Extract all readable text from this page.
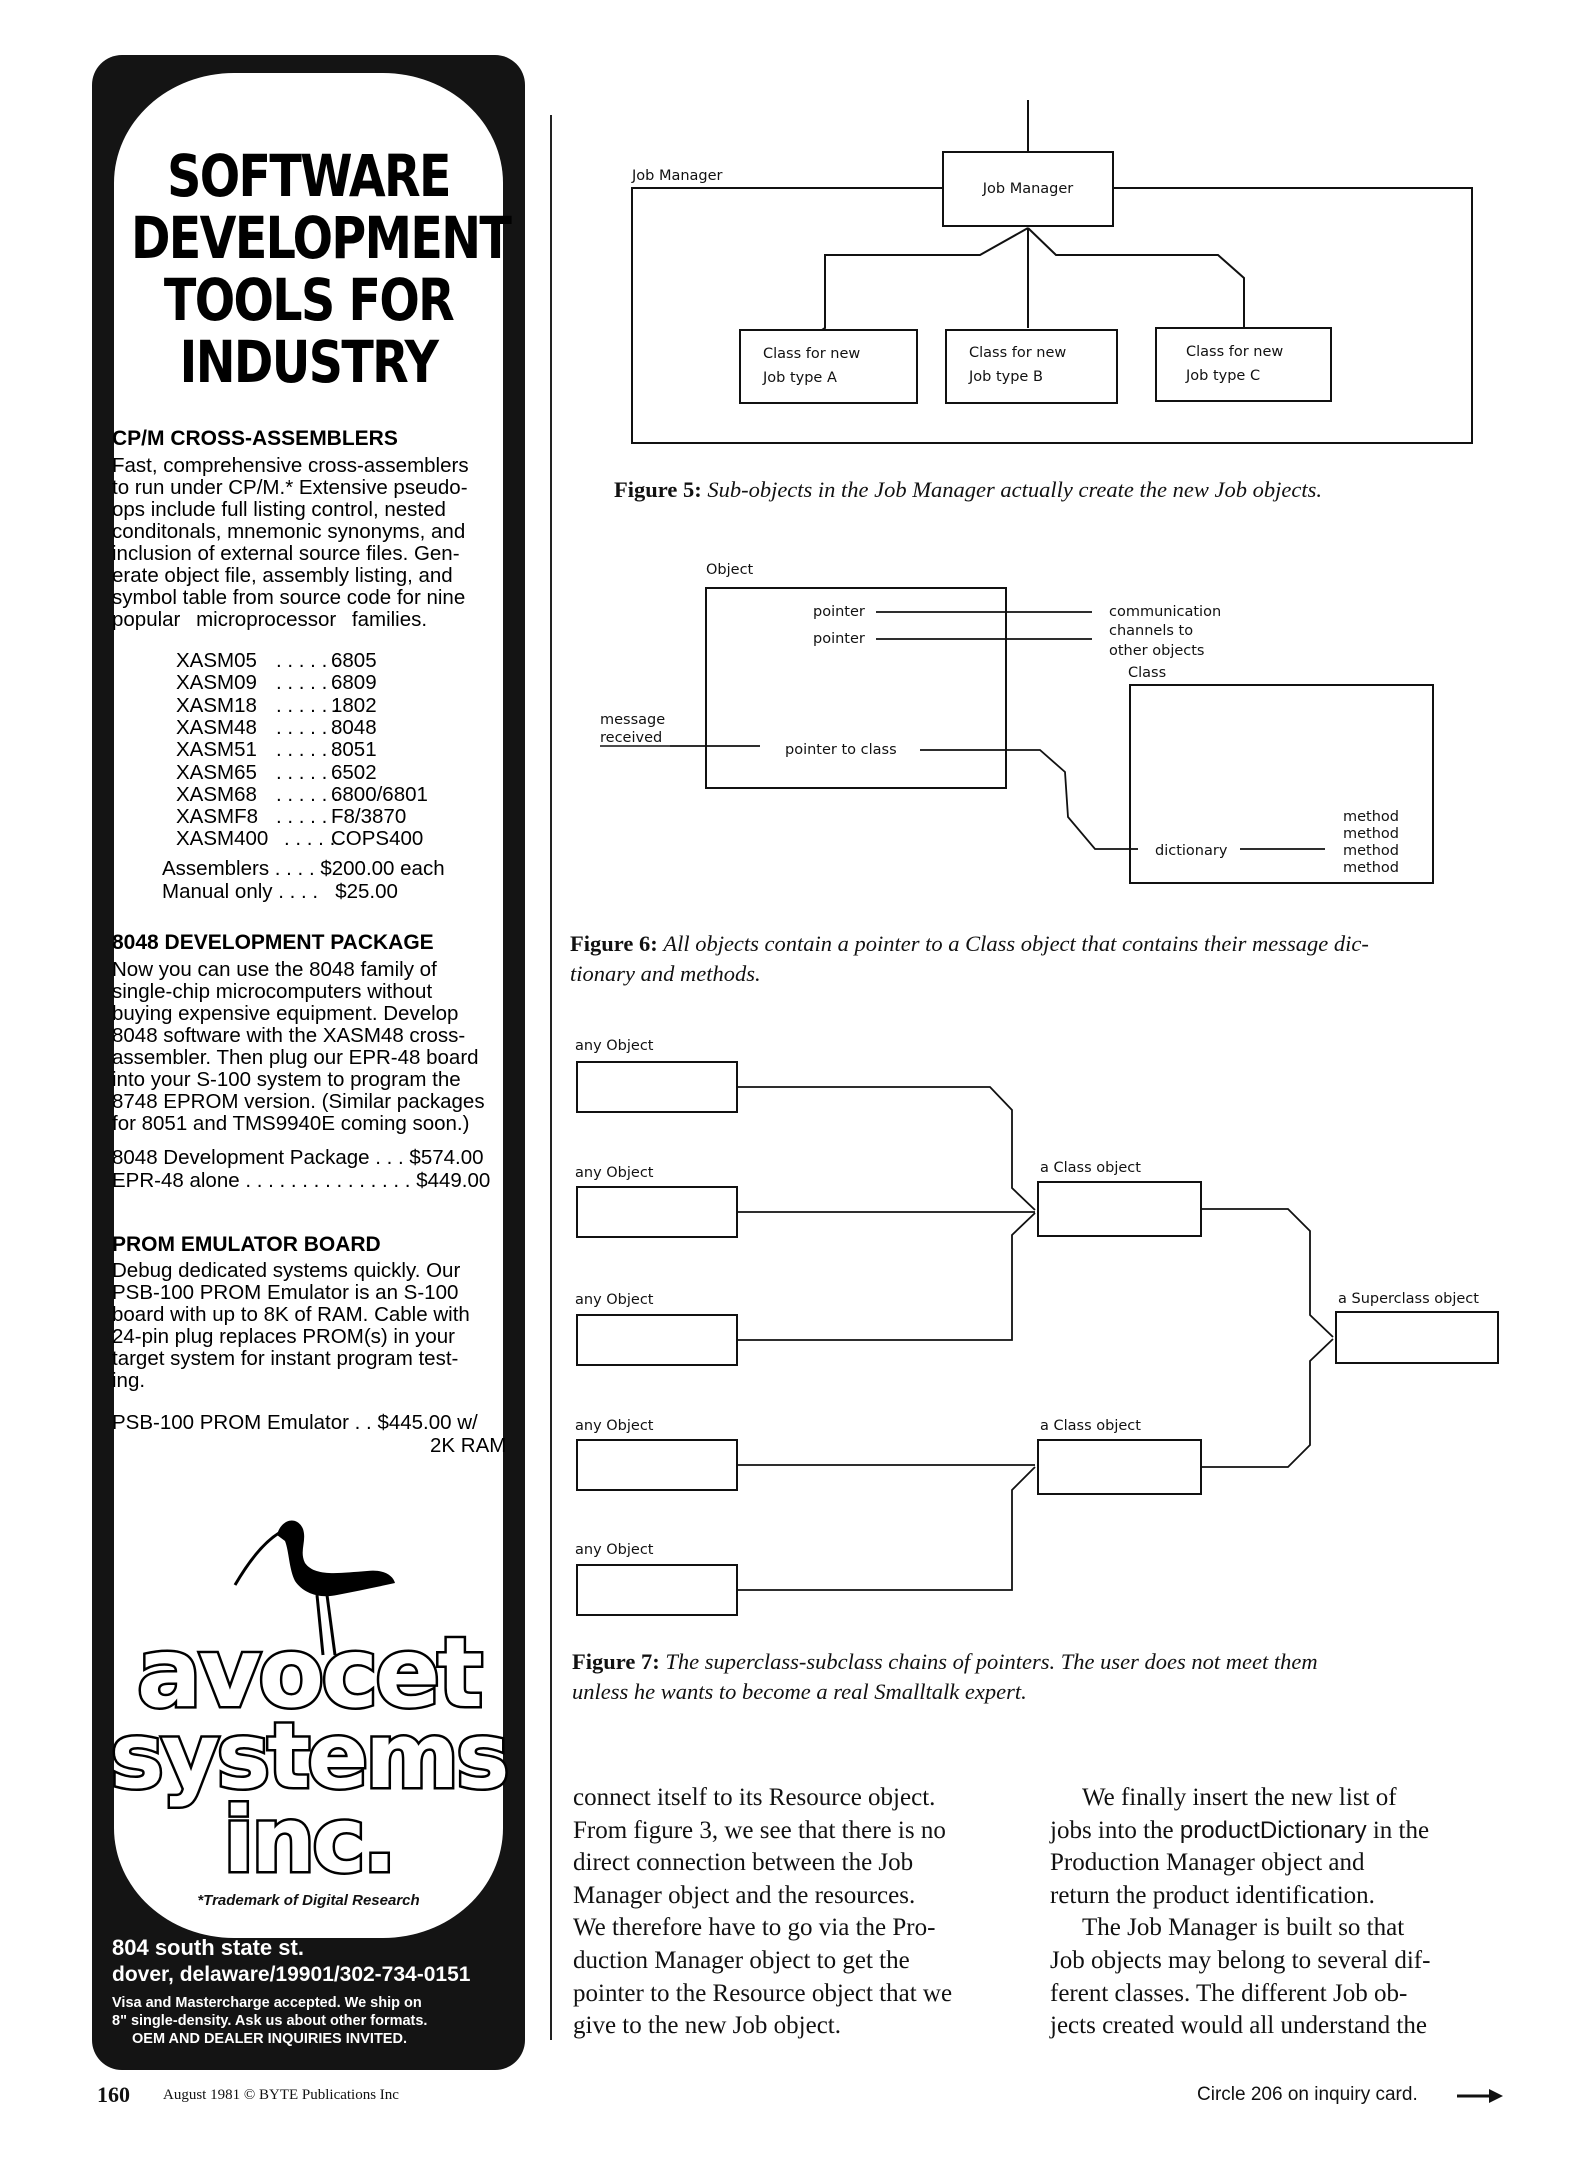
SOFTWARE
DEVELOPMENT
TOOLS FOR
INDUSTRY
CP/M CROSS-ASSEMBLERS
Fast, comprehensive cross-assemblers
to run under CP/M.* Extensive pseudo-
ops include full listing control, nested
conditonals, mnemonic synonyms, and
inclusion of external source files. Gen-
erate object file, assembly listing, and
symbol table from source code for nine
popular microprocessor families.
XASM05 . . . . . .6805
XASM09 . . . . . .6809
XASM18 . . . . . .1802
XASM48 . . . . . .8048
XASM51 . . . . . .8051
XASM65 . . . . . .6502
XASM68 . . . . . .6800/6801
XASMF8 . . . . . F8/3870
XASM400 . . . . .COPS400
Assemblers . . . . $200.00 each
Manual only . . . .   $25.00
8048 DEVELOPMENT PACKAGE
Now you can use the 8048 family of
single-chip microcomputers without
buying expensive equipment. Develop
8048 software with the XASM48 cross-
assembler. Then plug our EPR-48 board
into your S-100 system to program the
8748 EPROM version. (Similar packages
for 8051 and TMS9940E coming soon.)
8048 Development Package . . . $574.00
EPR-48 alone . . . . . . . . . . . . . . . $449.00
PROM EMULATOR BOARD
Debug dedicated systems quickly. Our
PSB-100 PROM Emulator is an S-100
board with up to 8K of RAM. Cable with
24-pin plug replaces PROM(s) in your
target system for instant program test-
ing.
PSB-100 PROM Emulator . . $445.00 w/
2K RAM
avocet
systems
inc.
*Trademark of Digital Research
804 south state st.
dover, delaware/19901/302-734-0151
Visa and Mastercharge accepted. We ship on
8" single-density. Ask us about other formats.
OEM AND DEALER INQUIRIES INVITED.
Job Manager
Job Manager
Class for new
Job type A
Class for new
Job type B
Class for new
Job type C
Figure 5: Sub-objects in the Job Manager actually create the new Job objects.
Object
pointer
pointer
communication
channels to
other objects
Class
message
received
pointer to class
dictionary
method
method
method
method
Figure 6: All objects contain a pointer to a Class object that contains their message dic-
tionary and methods.
any Object
any Object
any Object
any Object
any Object
a Class object
a Class object
a Superclass object
Figure 7: The superclass-subclass chains of pointers. The user does not meet them
unless he wants to become a real Smalltalk expert.
connect itself to its Resource object.
From figure 3, we see that there is no
direct connection between the Job
Manager object and the resources.
We therefore have to go via the Pro-
duction Manager object to get the
pointer to the Resource object that we
give to the new Job object.
We finally insert the new list of
jobs into the productDictionary in the
Production Manager object and
return the product identification.
The Job Manager is built so that
Job objects may belong to several dif-
ferent classes. The different Job ob-
jects created would all understand the
160 August 1981 © BYTE Publications Inc	Circle 206 on inquiry card.
